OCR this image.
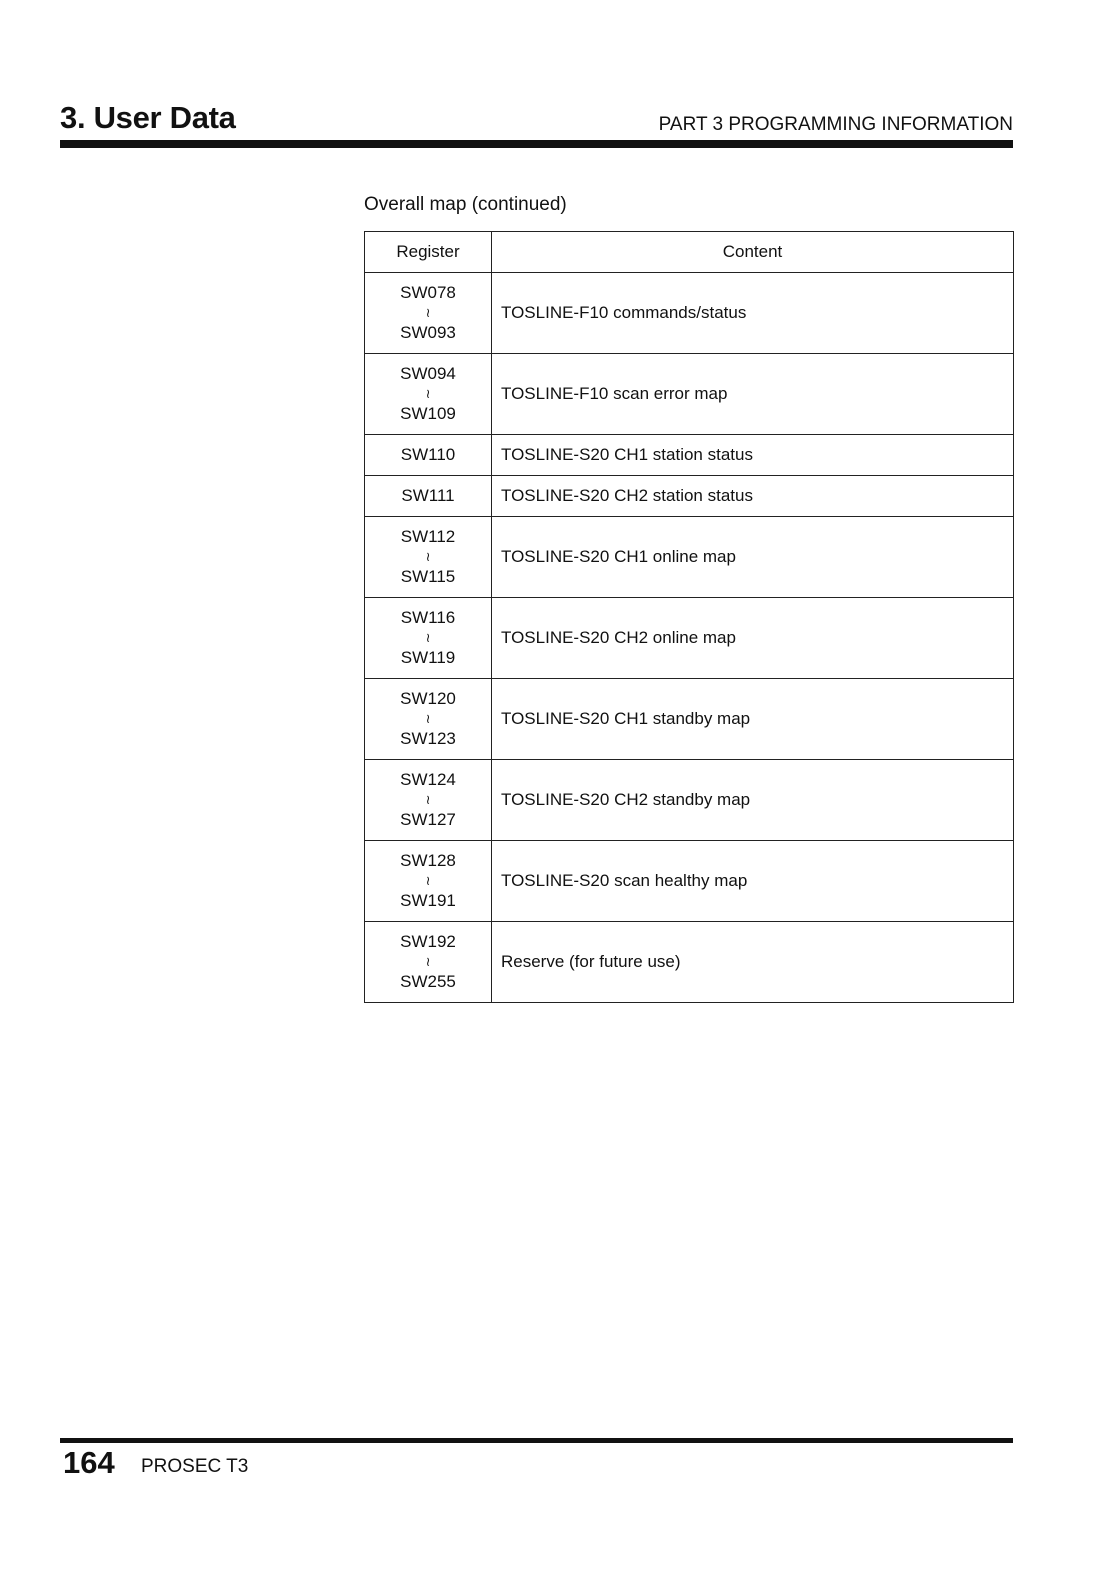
3. User Data	PART 3 PROGRAMMING INFORMATION
Overall map (continued)
Register	Content
SW078
≀
SW093	TOSLINE-F10 commands/status
SW094
≀
SW109	TOSLINE-F10 scan error map
SW110	TOSLINE-S20 CH1 station status
SW111	TOSLINE-S20 CH2 station status
SW112
≀
SW115	TOSLINE-S20 CH1 online map
SW116
≀
SW119	TOSLINE-S20 CH2 online map
SW120
≀
SW123	TOSLINE-S20 CH1 standby map
SW124
≀
SW127	TOSLINE-S20 CH2 standby map
SW128
≀
SW191	TOSLINE-S20 scan healthy map
SW192
≀
SW255	Reserve (for future use)
164 PROSEC T3
